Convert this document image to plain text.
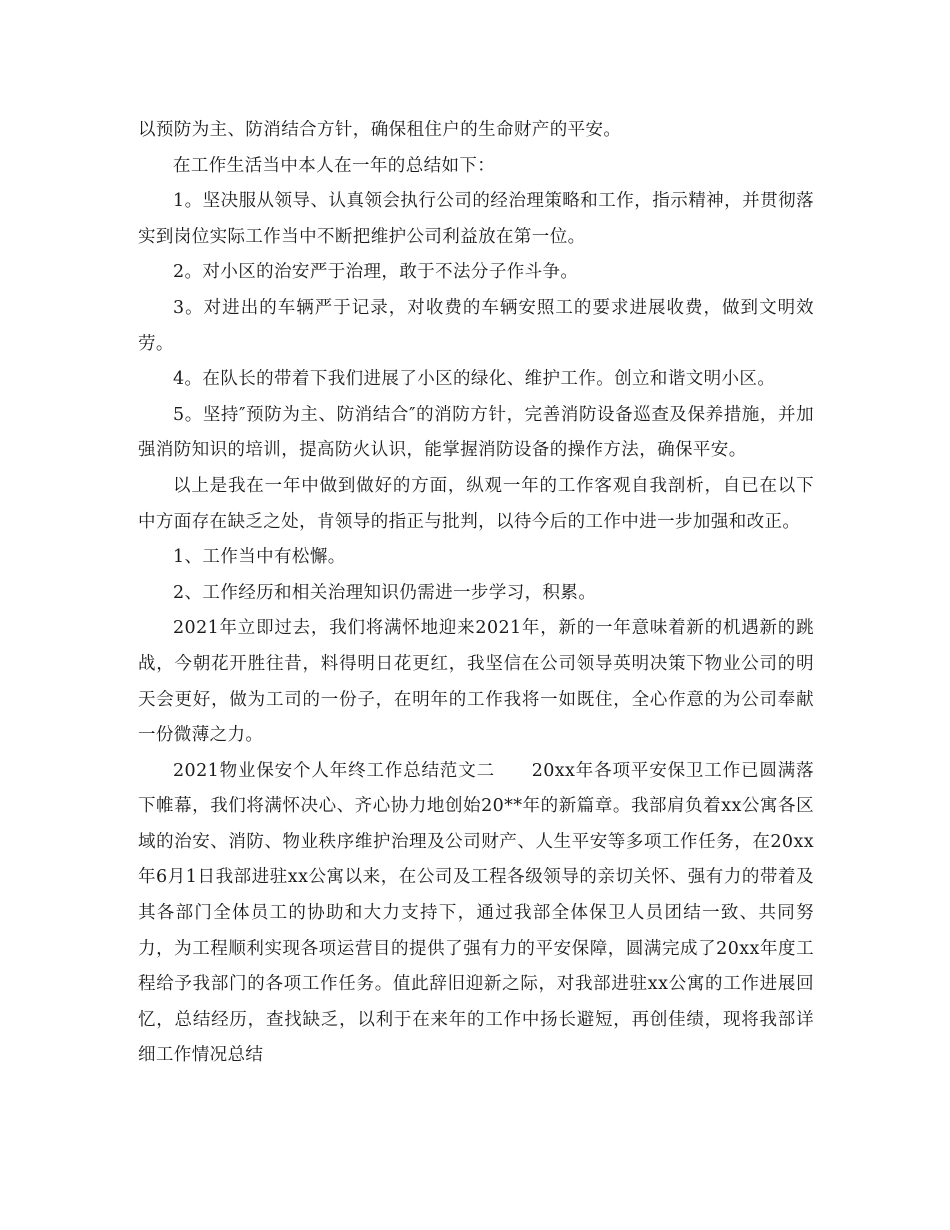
以预防为主、防消结合方针，确保租住户的生命财产的平安。

在工作生活当中本人在一年的总结如下：

1。坚决服从领导、认真领会执行公司的经治理策略和工作，指示精神，并贯彻落实到岗位实际工作当中不断把维护公司利益放在第一位。

2。对小区的治安严于治理，敢于不法分子作斗争。

3。对进出的车辆严于记录，对收费的车辆安照工的要求进展收费，做到文明效劳。

4。在队长的带着下我们进展了小区的绿化、维护工作。创立和谐文明小区。

5。坚持″预防为主、防消结合″的消防方针，完善消防设备巡查及保养措施，并加强消防知识的培训，提高防火认识，能掌握消防设备的操作方法，确保平安。

以上是我在一年中做到做好的方面，纵观一年的工作客观自我剖析，自已在以下中方面存在缺乏之处，肯领导的指正与批判，以待今后的工作中进一步加强和改正。

1、工作当中有松懈。

2、工作经历和相关治理知识仍需进一步学习，积累。

2021年立即过去，我们将满怀地迎来2021年，新的一年意味着新的机遇新的跳战，今朝花开胜往昔，料得明日花更红，我坚信在公司领导英明决策下物业公司的明天会更好，做为工司的一份子，在明年的工作我将一如既住，全心作意的为公司奉献一份微薄之力。

2021物业保安个人年终工作总结范文二　　20xx年各项平安保卫工作已圆满落下帷幕，我们将满怀决心、齐心协力地创始20**年的新篇章。我部肩负着xx公寓各区域的治安、消防、物业秩序维护治理及公司财产、人生平安等多项工作任务，在20xx年6月1日我部进驻xx公寓以来，在公司及工程各级领导的亲切关怀、强有力的带着及其各部门全体员工的协助和大力支持下，通过我部全体保卫人员团结一致、共同努力，为工程顺利实现各项运营目的提供了强有力的平安保障，圆满完成了20xx年度工程给予我部门的各项工作任务。值此辞旧迎新之际，对我部进驻xx公寓的工作进展回忆，总结经历，查找缺乏，以利于在来年的工作中扬长避短，再创佳绩，现将我部详细工作情况总结
